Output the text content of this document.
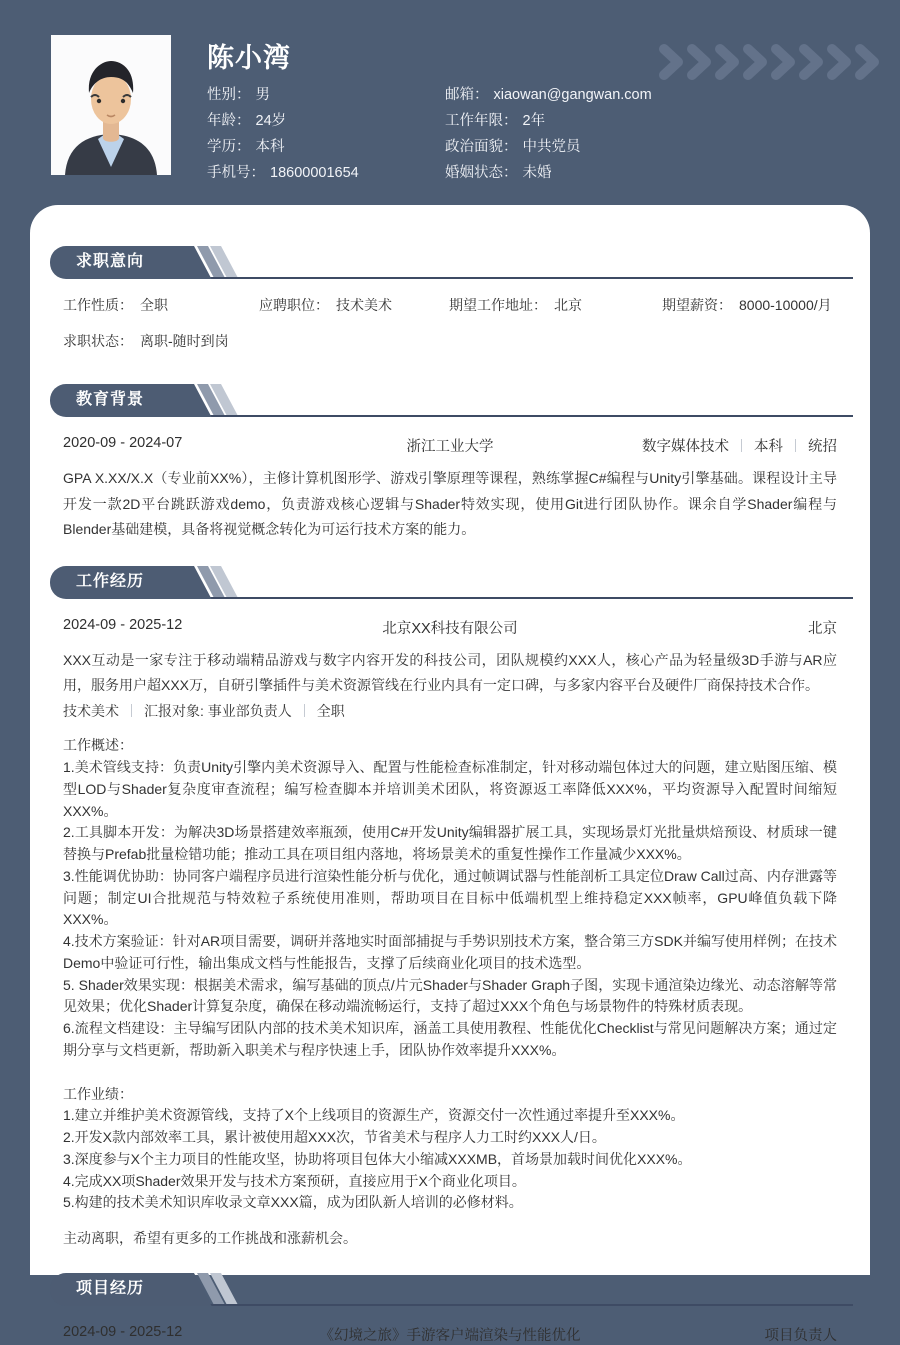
陈小湾
性别： 男	邮箱： xiaowan@gangwan.com
年龄： 24岁	工作年限： 2年
学历： 本科	政治面貌： 中共党员
手机号： 18600001654	婚姻状态： 未婚
求职意向
工作性质： 全职	应聘职位： 技术美术	期望工作地址： 北京	期望薪资： 8000-10000/月
求职状态： 离职-随时到岗
教育背景
浙江工业大学
2020-09 - 2024-07	数字媒体技术 本科 统招
GPA X.XX/X.X（专业前XX%），主修计算机图形学、游戏引擎原理等课程，熟练掌握C#编程与Unity引擎基础。课程设计主导开发一款2D平台跳跃游戏demo，负责游戏核心逻辑与Shader特效实现，使用Git进行团队协作。课余自学Shader编程与Blender基础建模，具备将视觉概念转化为可运行技术方案的能力。
工作经历
北京XX科技有限公司
2024-09 - 2025-12	北京
XXX互动是一家专注于移动端精品游戏与数字内容开发的科技公司，团队规模约XXX人，核心产品为轻量级3D手游与AR应用，服务用户超XXX万，自研引擎插件与美术资源管线在行业内具有一定口碑，与多家内容平台及硬件厂商保持技术合作。
技术美术 汇报对象: 事业部负责人 全职
工作概述：
1.美术管线支持：负责Unity引擎内美术资源导入、配置与性能检查标准制定，针对移动端包体过大的问题，建立贴图压缩、模型LOD与Shader复杂度审查流程；编写检查脚本并培训美术团队，将资源返工率降低XXX%，平均资源导入配置时间缩短XXX%。
2.工具脚本开发：为解决3D场景搭建效率瓶颈，使用C#开发Unity编辑器扩展工具，实现场景灯光批量烘焙预设、材质球一键替换与Prefab批量检错功能；推动工具在项目组内落地，将场景美术的重复性操作工作量减少XXX%。
3.性能调优协助：协同客户端程序员进行渲染性能分析与优化，通过帧调试器与性能剖析工具定位Draw Call过高、内存泄露等问题；制定UI合批规范与特效粒子系统使用准则，帮助项目在目标中低端机型上维持稳定XXX帧率，GPU峰值负载下降XXX%。
4.技术方案验证：针对AR项目需要，调研并落地实时面部捕捉与手势识别技术方案，整合第三方SDK并编写使用样例；在技术Demo中验证可行性，输出集成文档与性能报告，支撑了后续商业化项目的技术选型。
5. Shader效果实现：根据美术需求，编写基础的顶点/片元Shader与Shader Graph子图，实现卡通渲染边缘光、动态溶解等常见效果；优化Shader计算复杂度，确保在移动端流畅运行，支持了超过XXX个角色与场景物件的特殊材质表现。
6.流程文档建设：主导编写团队内部的技术美术知识库，涵盖工具使用教程、性能优化Checklist与常见问题解决方案；通过定期分享与文档更新，帮助新入职美术与程序快速上手，团队协作效率提升XXX%。
工作业绩：
1.建立并维护美术资源管线，支持了X个上线项目的资源生产，资源交付一次性通过率提升至XXX%。
2.开发X款内部效率工具，累计被使用超XXX次，节省美术与程序人力工时约XXX人/日。
3.深度参与X个主力项目的性能攻坚，协助将项目包体大小缩减XXXMB，首场景加载时间优化XXX%。
4.完成XX项Shader效果开发与技术方案预研，直接应用于X个商业化项目。
5.构建的技术美术知识库收录文章XXX篇，成为团队新人培训的必修材料。
主动离职，希望有更多的工作挑战和涨薪机会。
项目经历
《幻境之旅》手游客户端渲染与性能优化
2024-09 - 2025-12	项目负责人
